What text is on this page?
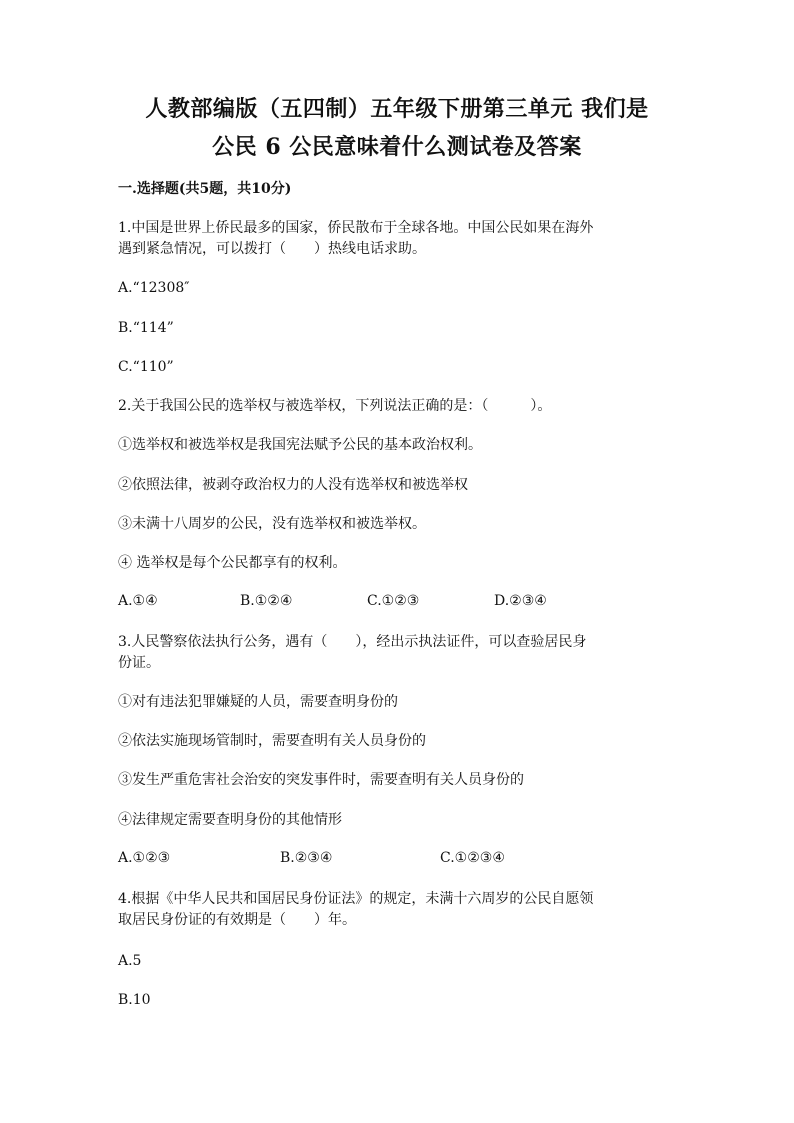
人教部编版（五四制）五年级下册第三单元 我们是
公民 6 公民意味着什么测试卷及答案
一.选择题(共5题，共10分)
1.中国是世界上侨民最多的国家，侨民散布于全球各地。中国公民如果在海外
遇到紧急情况，可以拨打（　　）热线电话求助。
A.“12308″
B.“114”
C.“110”
2.关于我国公民的选举权与被选举权，下列说法正确的是：（　　　）。
①选举权和被选举权是我国宪法赋予公民的基本政治权利。
②依照法律，被剥夺政治权力的人没有选举权和被选举权
③未满十八周岁的公民，没有选举权和被选举权。
④ 选举权是每个公民都享有的权利。
A.①④	B.①②④	C.①②③	D.②③④
3.人民警察依法执行公务，遇有（　　），经出示执法证件，可以查验居民身
份证。
①对有违法犯罪嫌疑的人员，需要查明身份的
②依法实施现场管制时，需要查明有关人员身份的
③发生严重危害社会治安的突发事件时，需要查明有关人员身份的
④法律规定需要查明身份的其他情形
A.①②③	B.②③④	C.①②③④
4.根据《中华人民共和国居民身份证法》的规定，未满十六周岁的公民自愿领
取居民身份证的有效期是（　　）年。
A.5
B.10
